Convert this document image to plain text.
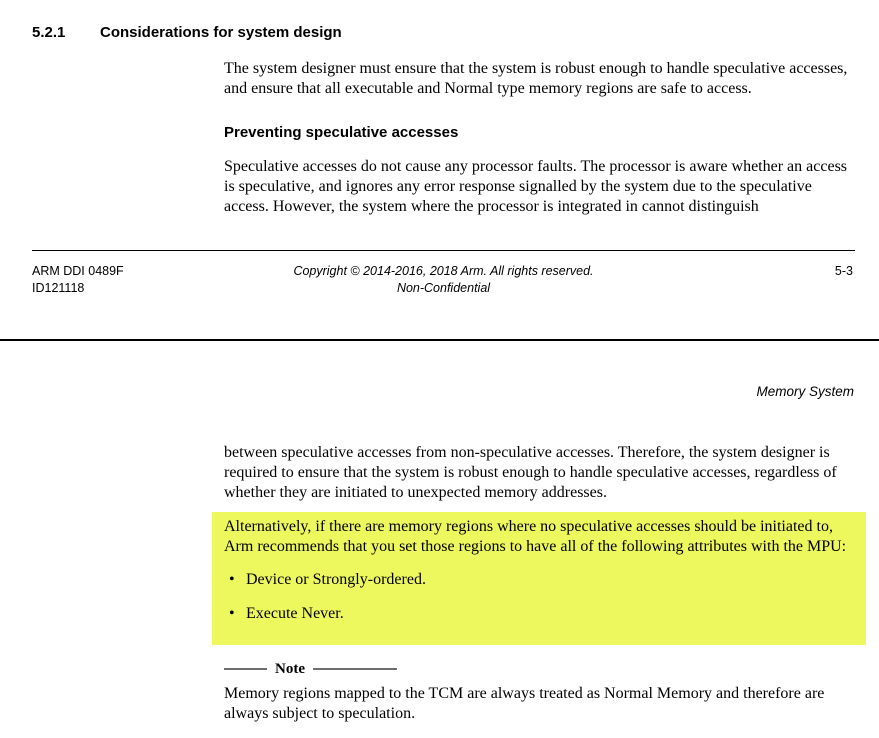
5.2.1 Considerations for system design
The system designer must ensure that the system is robust enough to handle speculative accesses, and ensure that all executable and Normal type memory regions are safe to access.
Preventing speculative accesses
Speculative accesses do not cause any processor faults. The processor is aware whether an access is speculative, and ignores any error response signalled by the system due to the speculative access. However, the system where the processor is integrated in cannot distinguish
ARM DDI 0489F
ID121118
Copyright © 2014-2016, 2018 Arm. All rights reserved.
Non-Confidential
5-3
Memory System
between speculative accesses from non-speculative accesses. Therefore, the system designer is required to ensure that the system is robust enough to handle speculative accesses, regardless of whether they are initiated to unexpected memory addresses.
Alternatively, if there are memory regions where no speculative accesses should be initiated to, Arm recommends that you set those regions to have all of the following attributes with the MPU:
• Device or Strongly-ordered.
• Execute Never.
Note
Memory regions mapped to the TCM are always treated as Normal Memory and therefore are always subject to speculation.
